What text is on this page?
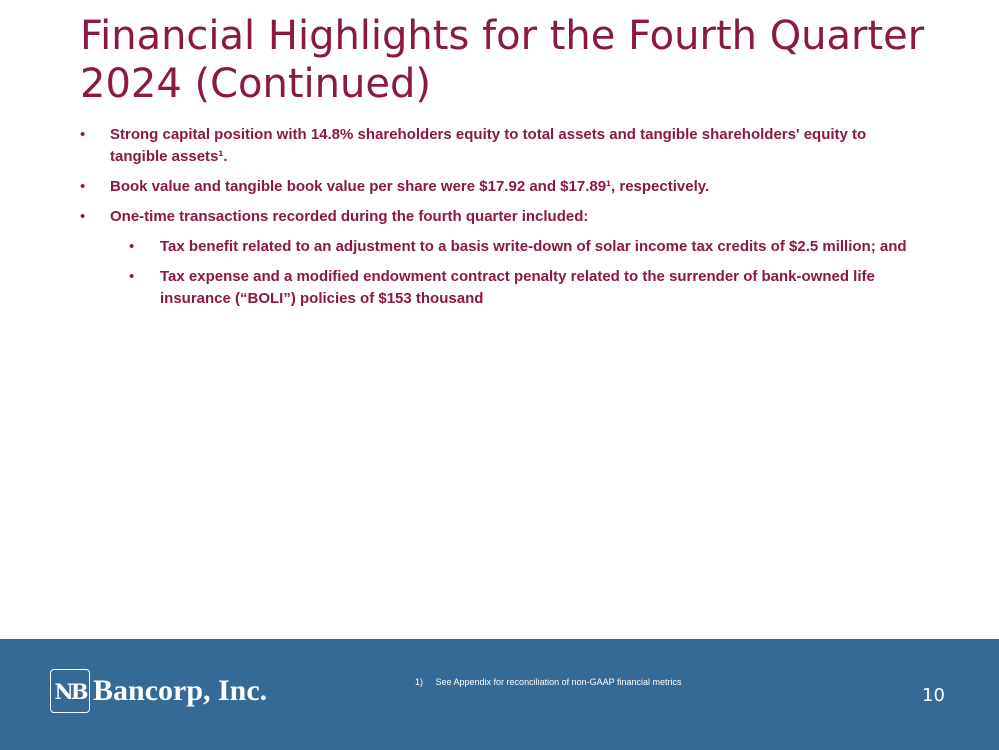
Financial Highlights for the Fourth Quarter 2024 (Continued)
• Strong capital position with 14.8% shareholders equity to total assets and tangible shareholders' equity to tangible assets¹.
• Book value and tangible book value per share were $17.92 and $17.89¹, respectively.
• One-time transactions recorded during the fourth quarter included:
• Tax benefit related to an adjustment to a basis write-down of solar income tax credits of $2.5 million; and
• Tax expense and a modified endowment contract penalty related to the surrender of bank-owned life insurance (“BOLI”) policies of $153 thousand
NB Bancorp, Inc.	1)     See Appendix for reconciliation of non-GAAP financial metrics
10
